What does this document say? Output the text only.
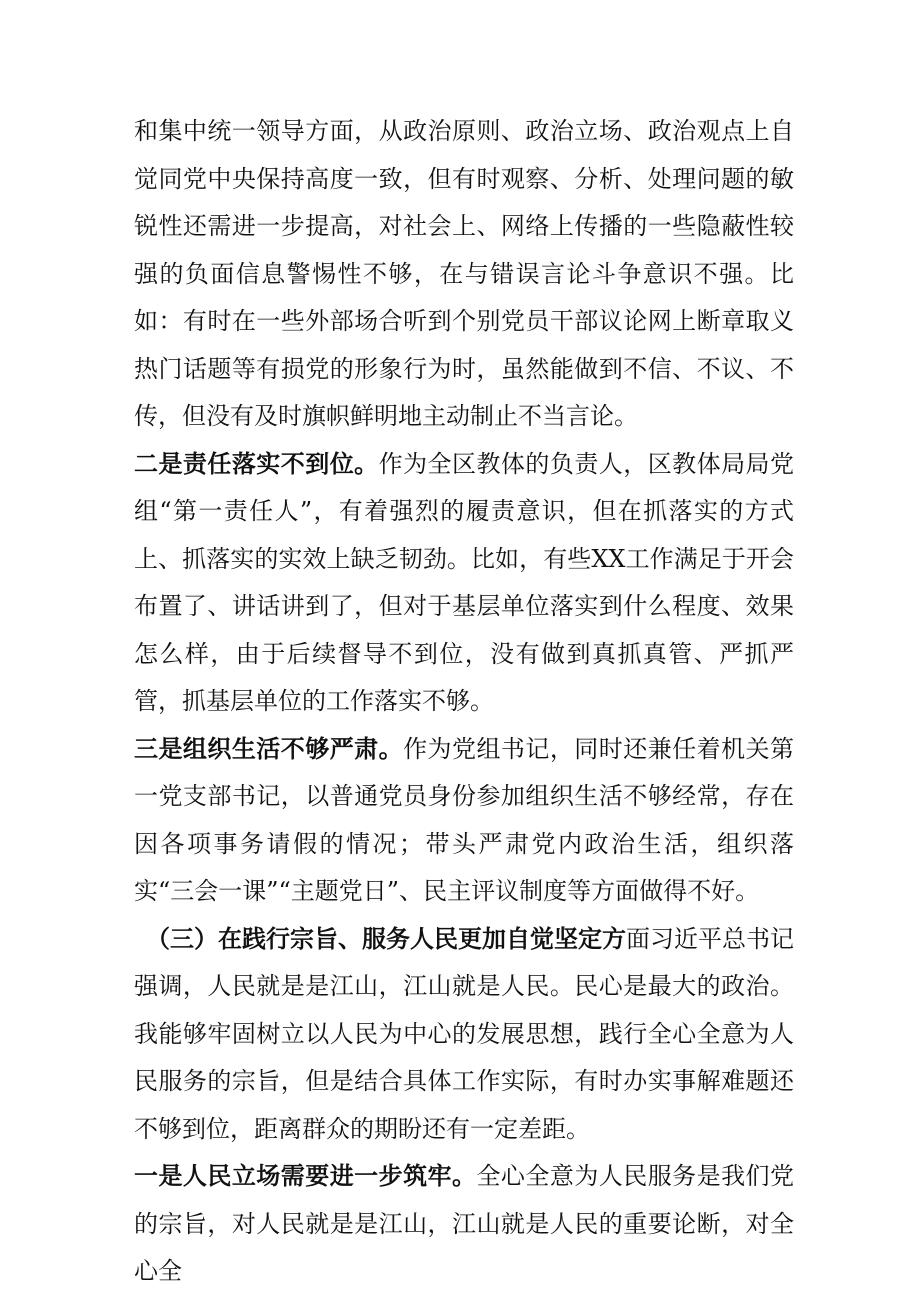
和集中统一领导方面，从政治原则、政治立场、政治观点上自觉同党中央保持高度一致，但有时观察、分析、处理问题的敏锐性还需进一步提高，对社会上、网络上传播的一些隐蔽性较强的负面信息警惕性不够，在与错误言论斗争意识不强。比如：有时在一些外部场合听到个别党员干部议论网上断章取义热门话题等有损党的形象行为时，虽然能做到不信、不议、不传，但没有及时旗帜鲜明地主动制止不当言论。

二是责任落实不到位。作为全区教体的负责人，区教体局局党组“第一责任人”，有着强烈的履责意识，但在抓落实的方式上、抓落实的实效上缺乏韧劲。比如，有些XX工作满足于开会布置了、讲话讲到了，但对于基层单位落实到什么程度、效果怎么样，由于后续督导不到位，没有做到真抓真管、严抓严管，抓基层单位的工作落实不够。

三是组织生活不够严肃。作为党组书记，同时还兼任着机关第一党支部书记，以普通党员身份参加组织生活不够经常，存在因各项事务请假的情况；带头严肃党内政治生活，组织落实“三会一课”“主题党日”、民主评议制度等方面做得不好。

（三）在践行宗旨、服务人民更加自觉坚定方面习近平总书记强调，人民就是是江山，江山就是人民。民心是最大的政治。我能够牢固树立以人民为中心的发展思想，践行全心全意为人民服务的宗旨，但是结合具体工作实际，有时办实事解难题还不够到位，距离群众的期盼还有一定差距。

一是人民立场需要进一步筑牢。全心全意为人民服务是我们党的宗旨，对人民就是是江山，江山就是人民的重要论断，对全心全
